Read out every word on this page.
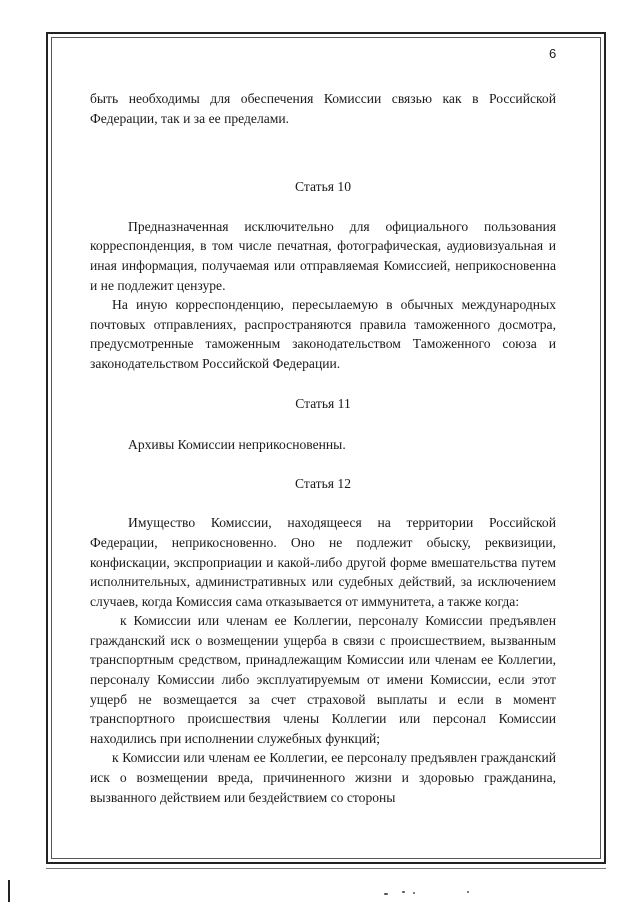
6

быть необходимы для обеспечения Комиссии связью как в Российской Федерации, так и за ее пределами.

Статья 10

Предназначенная исключительно для официального пользования корреспонденция, в том числе печатная, фотографическая, аудиовизуальная и иная информация, получаемая или отправляемая Комиссией, неприкосновенна и не подлежит цензуре.

На иную корреспонденцию, пересылаемую в обычных международных почтовых отправлениях, распространяются правила таможенного досмотра, предусмотренные таможенным законодательством Таможенного союза и законодательством Российской Федерации.

Статья 11

Архивы Комиссии неприкосновенны.

Статья 12

Имущество Комиссии, находящееся на территории Российской Федерации, неприкосновенно. Оно не подлежит обыску, реквизиции, конфискации, экспроприации и какой-либо другой форме вмешательства путем исполнительных, административных или судебных действий, за исключением случаев, когда Комиссия сама отказывается от иммунитета, а также когда:

к Комиссии или членам ее Коллегии, персоналу Комиссии предъявлен гражданский иск о возмещении ущерба в связи с происшествием, вызванным транспортным средством, принадлежащим Комиссии или членам ее Коллегии, персоналу Комиссии либо эксплуатируемым от имени Комиссии, если этот ущерб не возмещается за счет страховой выплаты и если в момент транспортного происшествия члены Коллегии или персонал Комиссии находились при исполнении служебных функций;

к Комиссии или членам ее Коллегии, ее персоналу предъявлен гражданский иск о возмещении вреда, причиненного жизни и здоровью гражданина, вызванного действием или бездействием со стороны
